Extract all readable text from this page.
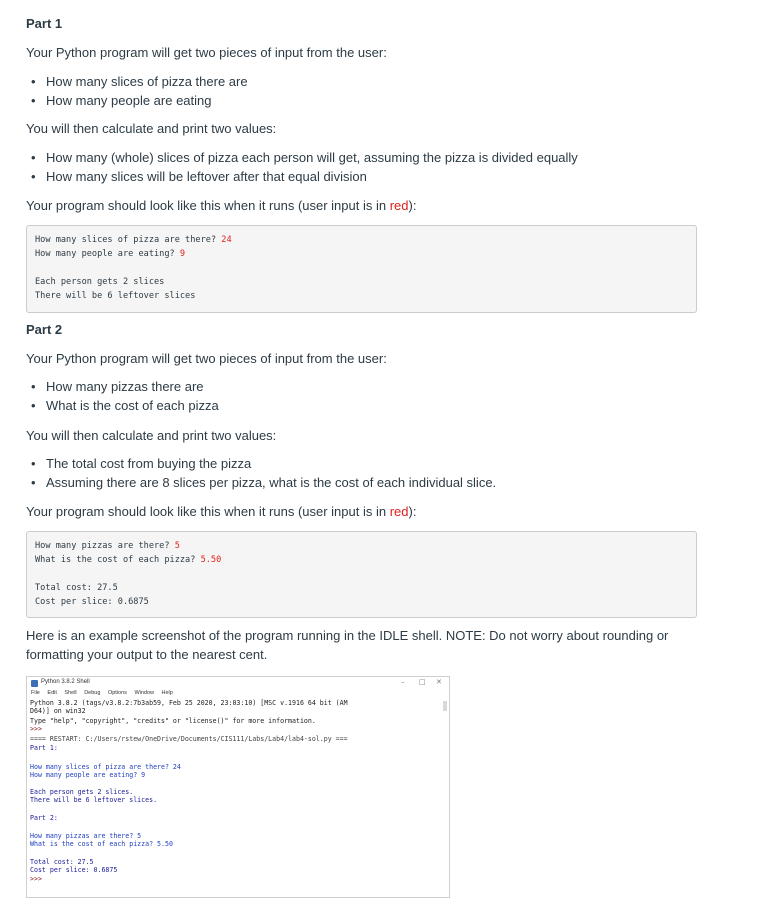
Part 1
Your Python program will get two pieces of input from the user:
• How many slices of pizza there are
• How many people are eating
You will then calculate and print two values:
• How many (whole) slices of pizza each person will get, assuming the pizza is divided equally
• How many slices will be leftover after that equal division
Your program should look like this when it runs (user input is in red):
How many slices of pizza are there? 24
How many people are eating? 9
Each person gets 2 slices
There will be 6 leftover slices
Part 2
Your Python program will get two pieces of input from the user:
• How many pizzas there are
• What is the cost of each pizza
You will then calculate and print two values:
• The total cost from buying the pizza
• Assuming there are 8 slices per pizza, what is the cost of each individual slice.
Your program should look like this when it runs (user input is in red):
How many pizzas are there? 5
What is the cost of each pizza? 5.50
Total cost: 27.5
Cost per slice: 0.6875
Here is an example screenshot of the program running in the IDLE shell. NOTE: Do not worry about rounding or
formatting your output to the nearest cent.
Python 3.8.2 Shell	– □ ✕
File Edit Shell Debug Options Window Help
Python 3.8.2 (tags/v3.8.2:7b3ab59, Feb 25 2020, 23:03:10) [MSC v.1916 64 bit (AM
D64)] on win32
Type "help", "copyright", "credits" or "license()" for more information.
>>>
==== RESTART: C:/Users/rstew/OneDrive/Documents/CIS111/Labs/Lab4/lab4-sol.py ===
Part 1:
How many slices of pizza are there? 24
How many people are eating? 9
Each person gets 2 slices.
There will be 6 leftover slices.
Part 2:
How many pizzas are there? 5
What is the cost of each pizza? 5.50
Total cost: 27.5
Cost per slice: 0.6875
>>>
